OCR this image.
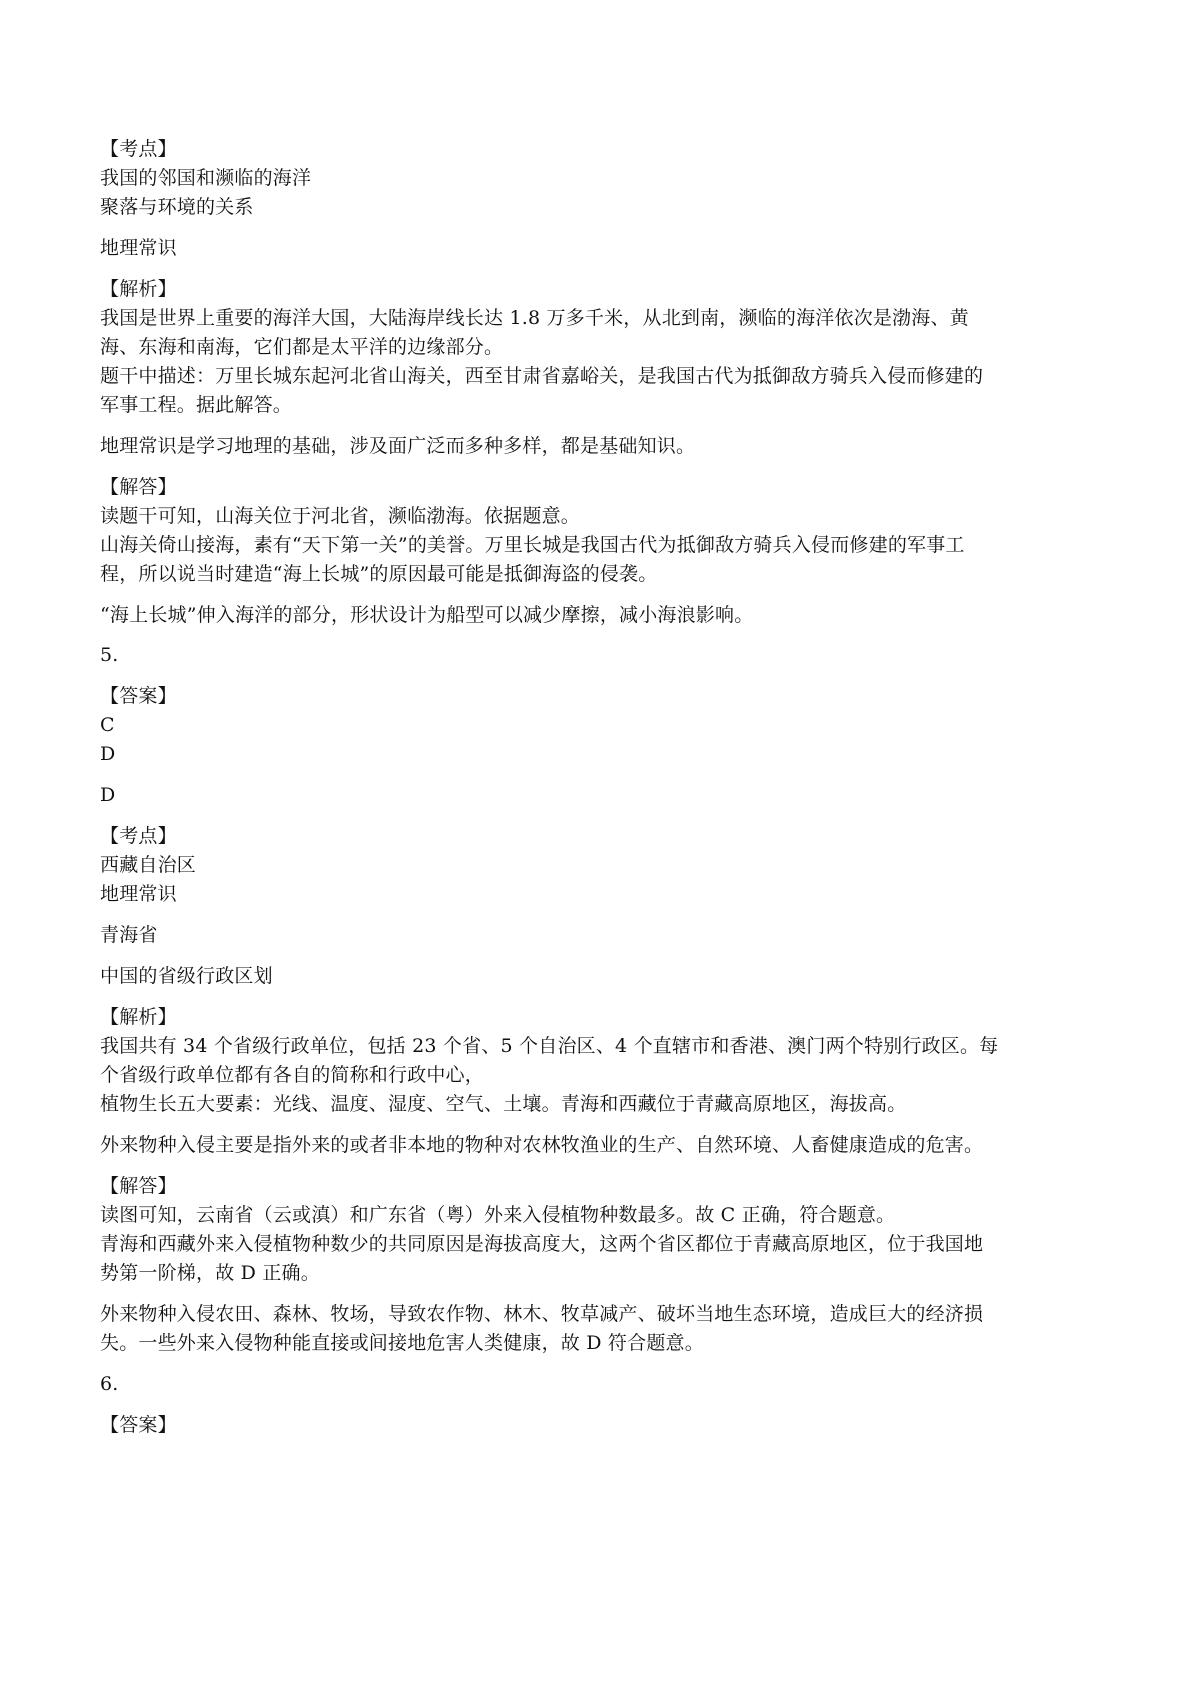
【考点】
我国的邻国和濒临的海洋
聚落与环境的关系
地理常识
【解析】
我国是世界上重要的海洋大国，大陆海岸线长达 1.8 万多千米，从北到南，濒临的海洋依次是渤海、黄
海、东海和南海，它们都是太平洋的边缘部分。
题干中描述：万里长城东起河北省山海关，西至甘肃省嘉峪关，是我国古代为抵御敌方骑兵入侵而修建的
军事工程。据此解答。
地理常识是学习地理的基础，涉及面广泛而多种多样，都是基础知识。
【解答】
读题干可知，山海关位于河北省，濒临渤海。依据题意。
山海关倚山接海，素有“天下第一关”的美誉。万里长城是我国古代为抵御敌方骑兵入侵而修建的军事工
程，所以说当时建造“海上长城”的原因最可能是抵御海盗的侵袭。
“海上长城”伸入海洋的部分，形状设计为船型可以减少摩擦，减小海浪影响。
5.
【答案】
C
D
D
【考点】
西藏自治区
地理常识
青海省
中国的省级行政区划
【解析】
我国共有 34 个省级行政单位，包括 23 个省、5 个自治区、4 个直辖市和香港、澳门两个特别行政区。每
个省级行政单位都有各自的简称和行政中心，
植物生长五大要素：光线、温度、湿度、空气、土壤。青海和西藏位于青藏高原地区，海拔高。
外来物种入侵主要是指外来的或者非本地的物种对农林牧渔业的生产、自然环境、人畜健康造成的危害。
【解答】
读图可知，云南省（云或滇）和广东省（粤）外来入侵植物种数最多。故 C 正确，符合题意。
青海和西藏外来入侵植物种数少的共同原因是海拔高度大，这两个省区都位于青藏高原地区，位于我国地
势第一阶梯，故 D 正确。
外来物种入侵农田、森林、牧场，导致农作物、林木、牧草减产、破坏当地生态环境，造成巨大的经济损
失。一些外来入侵物种能直接或间接地危害人类健康，故 D 符合题意。
6.
【答案】
